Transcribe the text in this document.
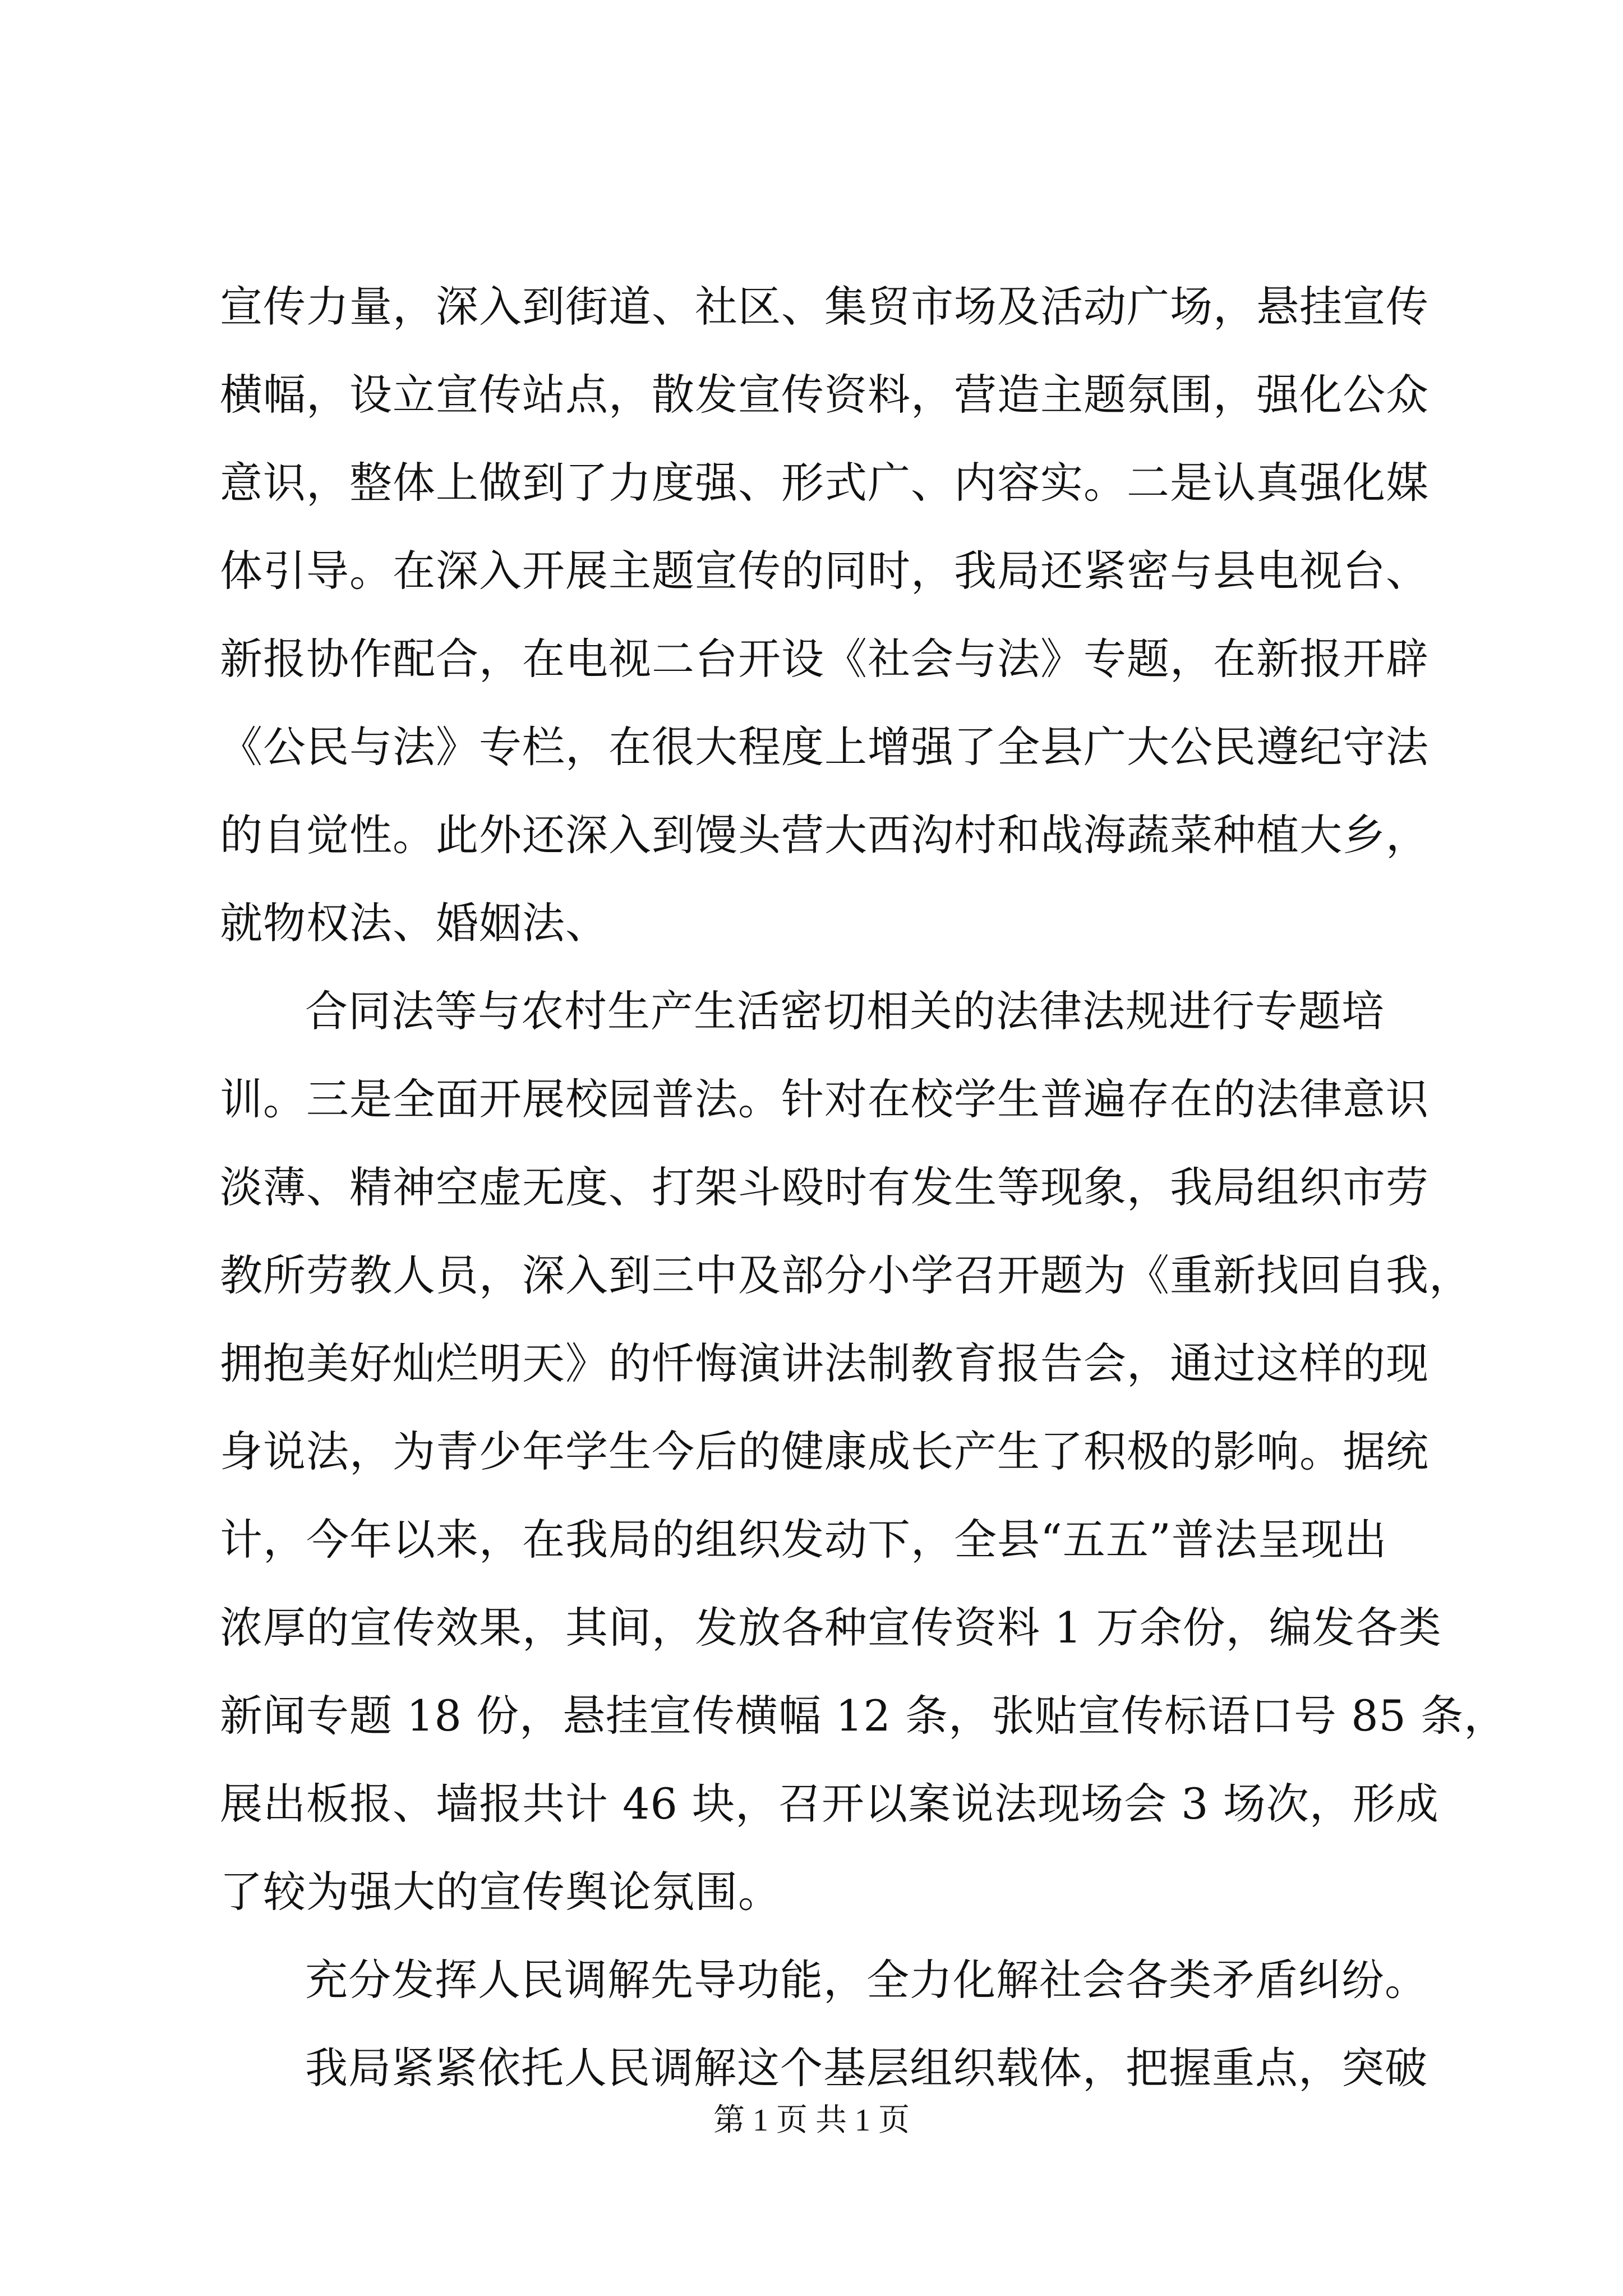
宣传力量，深入到街道、社区、集贸市场及活动广场，悬挂宣传
横幅，设立宣传站点，散发宣传资料，营造主题氛围，强化公众
意识，整体上做到了力度强、形式广、内容实。二是认真强化媒
体引导。在深入开展主题宣传的同时，我局还紧密与县电视台、
新报协作配合，在电视二台开设《社会与法》专题，在新报开辟
《公民与法》专栏，在很大程度上增强了全县广大公民遵纪守法
的自觉性。此外还深入到馒头营大西沟村和战海蔬菜种植大乡，
就物权法、婚姻法、
合同法等与农村生产生活密切相关的法律法规进行专题培
训。三是全面开展校园普法。针对在校学生普遍存在的法律意识
淡薄、精神空虚无度、打架斗殴时有发生等现象，我局组织市劳
教所劳教人员，深入到三中及部分小学召开题为《重新找回自我，
拥抱美好灿烂明天》的忏悔演讲法制教育报告会，通过这样的现
身说法，为青少年学生今后的健康成长产生了积极的影响。据统
计，今年以来，在我局的组织发动下，全县“五五”普法呈现出
浓厚的宣传效果，其间，发放各种宣传资料 1 万余份，编发各类
新闻专题 18 份，悬挂宣传横幅 12 条，张贴宣传标语口号 85 条，
展出板报、墙报共计 46 块，召开以案说法现场会 3 场次，形成
了较为强大的宣传舆论氛围。
充分发挥人民调解先导功能，全力化解社会各类矛盾纠纷。
我局紧紧依托人民调解这个基层组织载体，把握重点，突破
第 1 页 共 1 页
